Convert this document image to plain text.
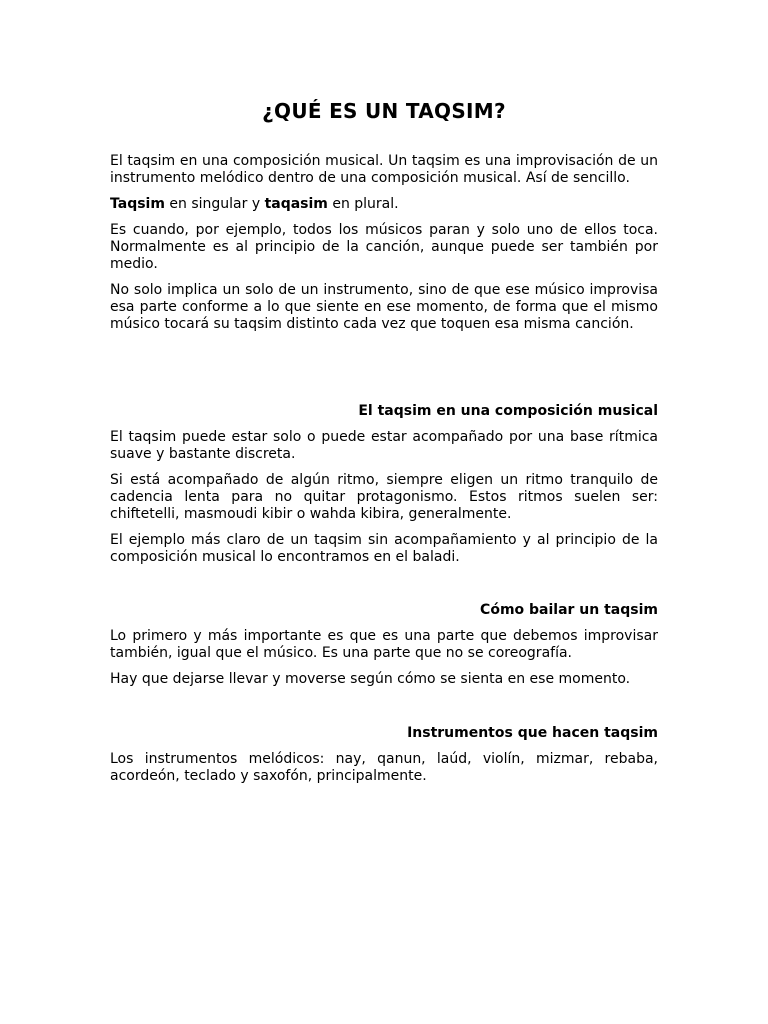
¿QUÉ ES UN TAQSIM?

El taqsim en una composición musical. Un taqsim es una improvisación de un instrumento melódico dentro de una composición musical. Así de sencillo.

Taqsim en singular y taqasim en plural.

Es cuando, por ejemplo, todos los músicos paran y solo uno de ellos toca. Normalmente es al principio de la canción, aunque puede ser también por medio.

No solo implica un solo de un instrumento, sino de que ese músico improvisa esa parte conforme a lo que siente en ese momento, de forma que el mismo músico tocará su taqsim distinto cada vez que toquen esa misma canción.

El taqsim en una composición musical

El taqsim puede estar solo o puede estar acompañado por una base rítmica suave y bastante discreta.

Si está acompañado de algún ritmo, siempre eligen un ritmo tranquilo de cadencia lenta para no quitar protagonismo. Estos ritmos suelen ser: chiftetelli, masmoudi kibir o wahda kibira, generalmente.

El ejemplo más claro de un taqsim sin acompañamiento y al principio de la composición musical lo encontramos en el baladi.

Cómo bailar un taqsim

Lo primero y más importante es que es una parte que debemos improvisar también, igual que el músico. Es una parte que no se coreografía.

Hay que dejarse llevar y moverse según cómo se sienta en ese momento.

Instrumentos que hacen taqsim

Los instrumentos melódicos: nay, qanun, laúd, violín, mizmar, rebaba, acordeón, teclado y saxofón, principalmente.
